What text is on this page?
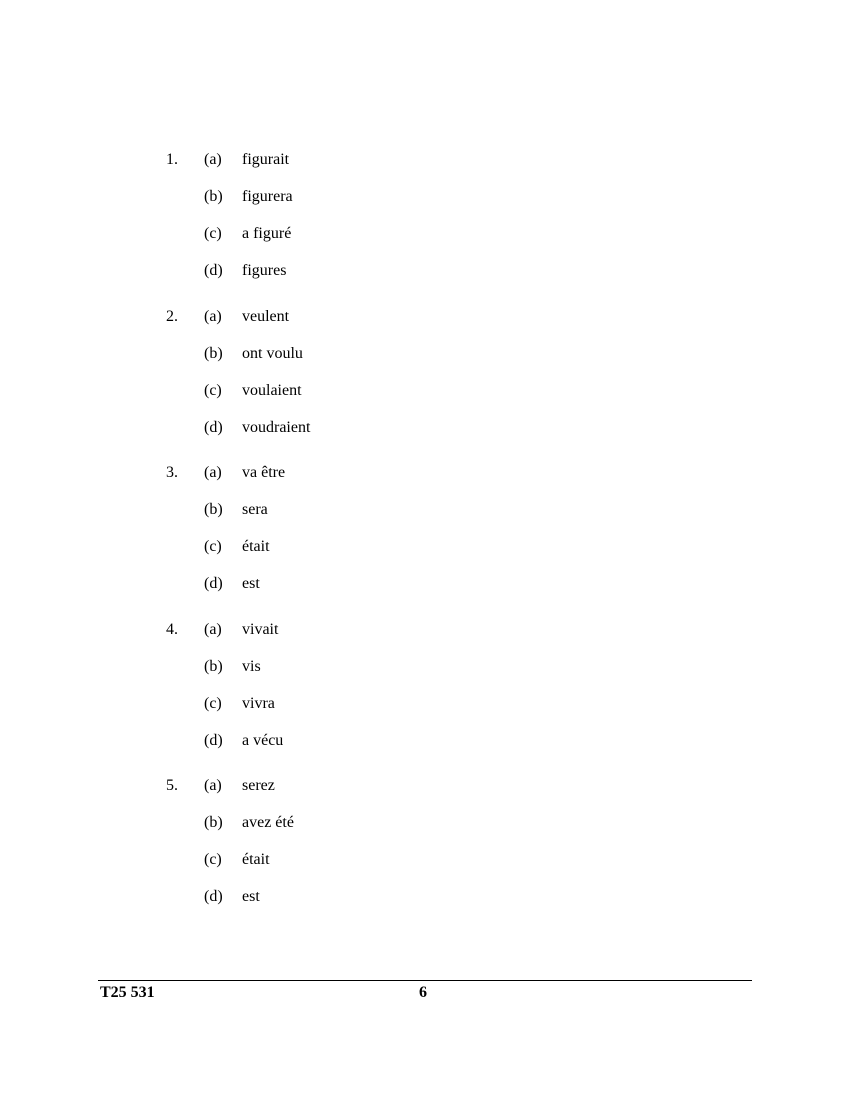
1. (a) figurait
(b) figurera
(c) a figuré
(d) figures
2. (a) veulent
(b) ont voulu
(c) voulaient
(d) voudraient
3. (a) va être
(b) sera
(c) était
(d) est
4. (a) vivait
(b) vis
(c) vivra
(d) a vécu
5. (a) serez
(b) avez été
(c) était
(d) est
T25 531	6
